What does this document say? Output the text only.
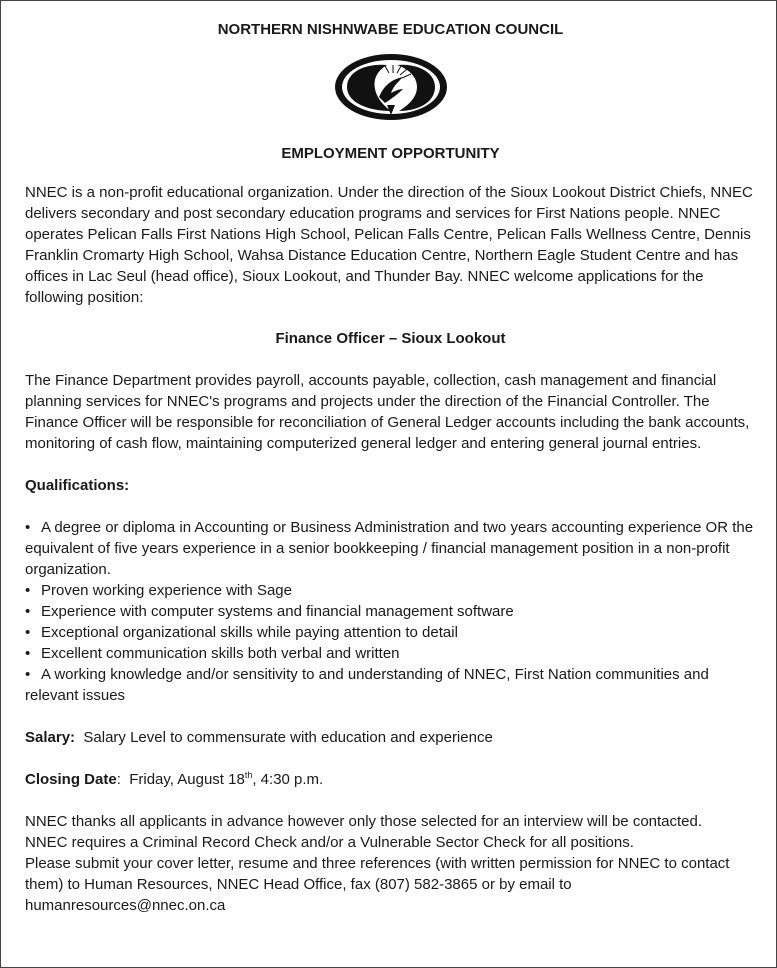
NORTHERN NISHNWABE EDUCATION COUNCIL
EMPLOYMENT OPPORTUNITY

NNEC is a non-profit educational organization. Under the direction of the Sioux Lookout District Chiefs, NNEC delivers secondary and post secondary education programs and services for First Nations people. NNEC operates Pelican Falls First Nations High School, Pelican Falls Centre, Pelican Falls Wellness Centre, Dennis Franklin Cromarty High School, Wahsa Distance Education Centre, Northern Eagle Student Centre and has offices in Lac Seul (head office), Sioux Lookout, and Thunder Bay. NNEC welcome applications for the following position:

Finance Officer – Sioux Lookout

The Finance Department provides payroll, accounts payable, collection, cash management and financial planning services for NNEC's programs and projects under the direction of the Financial Controller. The Finance Officer will be responsible for reconciliation of General Ledger accounts including the bank accounts, monitoring of cash flow, maintaining computerized general ledger and entering general journal entries.

Qualifications:
• A degree or diploma in Accounting or Business Administration and two years accounting experience OR the equivalent of five years experience in a senior bookkeeping / financial management position in a non-profit organization.
• Proven working experience with Sage
• Experience with computer systems and financial management software
• Exceptional organizational skills while paying attention to detail
• Excellent communication skills both verbal and written
• A working knowledge and/or sensitivity to and understanding of NNEC, First Nation communities and relevant issues

Salary: Salary Level to commensurate with education and experience

Closing Date: Friday, August 18th, 4:30 p.m.

NNEC thanks all applicants in advance however only those selected for an interview will be contacted.

NNEC requires a Criminal Record Check and/or a Vulnerable Sector Check for all positions.

Please submit your cover letter, resume and three references (with written permission for NNEC to contact them) to Human Resources, NNEC Head Office, fax (807) 582-3865 or by email to humanresources@nnec.on.ca
